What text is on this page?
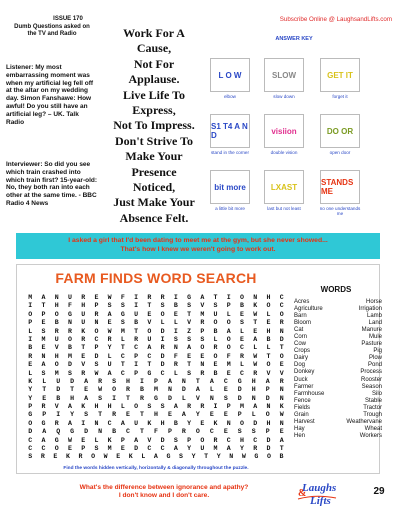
ISSUE 170
Dumb Questions asked on the TV and Radio
Listener: My most embarrassing moment was when my artificial leg fell off at the altar on my wedding day. Simon Fanshawe: How awful! Do you still have an artificial leg? – UK. Talk Radio
Interviewer: So did you see which train crashed into which train first? 15-year-old: No, they both ran into each other at the same time. - BBC Radio 4 News
Work For A
Cause,
Not For
Applause.
Live Life To
Express,
Not To Impress.
Don't Strive To
Make Your
Presence
Noticed,
Just Make Your
Absence Felt.
Subscribe Online @ LaughsandLifts.com
ANSWER KEY
L O W
elbow
SLOW
slow down
GET IT
forget it
S1 T4 A N D
stand in the corner
visiion
double vision
DO OR
open door
bit more
a little bit more
LXAST
last but not least
STANDS ME
no one understands me
I asked a girl that I'd been dating to meet me at the gym, but she never showed...
That's how I knew we weren't going to work out.
FARM FINDS WORD SEARCH
M	A	N	U	R	E	W	F	I	R	R	I	G	A	T	I	O	N	H	C
I	T	H	F	H	P	S	S	I	T	S	B	S	V	S	P	B	K	O	C
O	P	O	G	U	R	A	G	U	E	O	E	T	M	U	L	E	W	L	O
P	E	B	N	U	N	E	S	B	V	L	L	V	R	O	O	S	T	E	R
L	S	R	R	K	O	W	M	T	O	D	I	Z	P	B	A	L	E	H	N
I	M	U	O	R	C	R	L	R	U	I	S	S	S	L	O	E	A	B	D
B	E	V	B	T	P	Y	T	C	A	R	N	A	O	R	O	C	L	L	T
R	N	H	M	E	D	L	C	P	C	D	F	E	E	O	F	R	W	T	O
E	A	O	D	V	S	U	T	I	T	D	R	T	N	E	M	L	W	O	E
L	S	M	S	R	W	A	C	P	G	C	L	S	R	B	E	C	R	V	V
K	L	U	D	A	R	S	H	I	P	A	N	T	A	C	G	H	A	R
Y	T	D	T	E	W	O	R	B	M	N	D	A	L	E	D	H	P	N
Y	E	B	H	A	S	I	T	R	G	D	L	V	N	S	D	N	D	N
P	R	V	A	K	H	H	L	O	S	S	A	R	R	I	P	M	A	N	K
G	P	I	Y	S	T	R	E	T	H	E	A	Y	E	E	P	L	O	W
O	G	R	A	I	N	C	A	U	K	H	B	Y	E	K	N	O	D	H	N
D	A	Q	G	D	N	B	C	T	F	P	R	O	C	E	S	S	P	E
C	A	G	W	E	L	K	P	A	V	D	S	P	O	R	C	H	C	D	A
C	C	O	E	P	S	M	E	D	C	C	A	Y	U	M	A	Y	R	D	T
S	R	E	K	R	O	W	E	K	L	A	G	S	Y	T	Y	N	W	G	O	B
Find the words hidden vertically, horizontally & diagonally throughout the puzzle.
WORDS
Acres	Horse
Agriculture	Irrigation
Barn	Lamb
Bloom	Land
Cat	Manure
Corn	Mule
Cow	Pasture
Crops	Pig
Dairy	Plow
Dog	Pond
Donkey	Process
Duck	Rooster
Farmer	Season
Farmhouse	Silo
Fence	Stable
Fields	Tractor
Grain	Trough
Harvest	Weathervane
Hay	Wheat
Hen	Workers
What's the difference between ignorance and apathy?
I don't know and I don't care.
Laughs
&
Lifts
29
